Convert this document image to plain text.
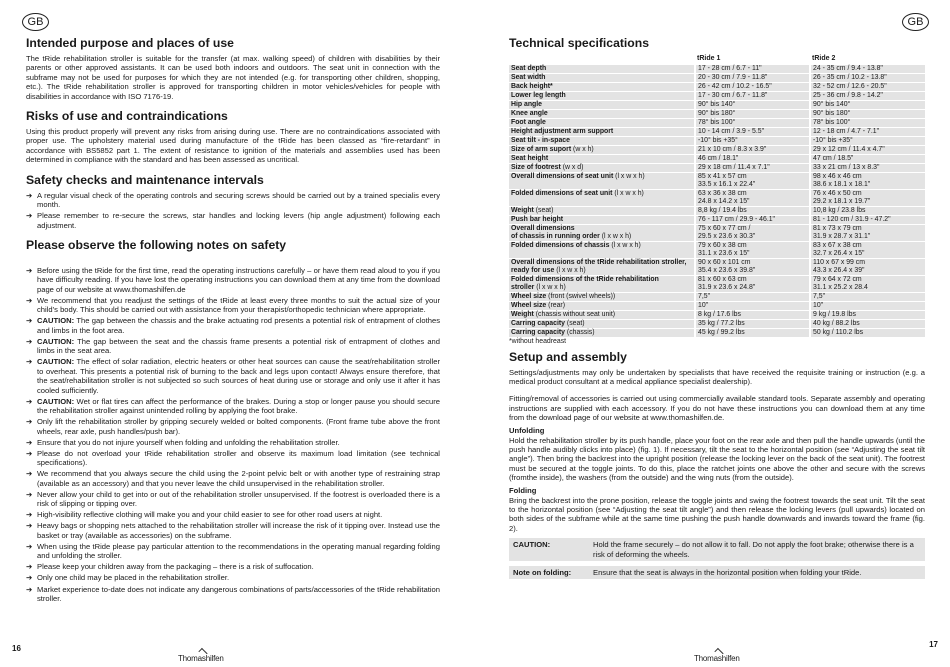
GB
Intended purpose and places of use

The tRide rehabilitation stroller is suitable for the transfer (at max. walking speed) of children with disabilities by their parents or other approved assistants. It can be used both indoors and outdoors. The seat unit in connection with the subframe may not be used for purposes for which they are not intended (e.g. for transporting other children, shopping, etc.). The tRide rehabilitation stroller is approved for transporting children in motor vehicles/vehicles for people with disabilities in accordance with ISO 7176-19.

Risks of use and contraindications

Using this product properly will prevent any risks from arising during use. There are no contraindications associated with proper use. The upholstery material used during manufacture of the tRide has been classed as “fire-retardant” in accordance with BS5852 part 1. The extent of resistance to ignition of the materials and assemblies used has been determined in compliance with the standard and has been assessed as uncritical.

Safety checks and maintenance intervals
➔ A regular visual check of the operating controls and securing screws should be carried out by a trained specialis every month.
➔ Please remember to re-secure the screws, star handles and locking levers (hip angle adjustment) following each adjustment.
Please observe the following notes on safety
➔ Before using the tRide for the first time, read the operating instructions carefully – or have them read aloud to you if you have difficulty reading. If you have lost the operating instructions you can download them at any time from the download page of our website at www.thomashilfen.de
➔ We recommend that you readjust the settings of the tRide at least every three months to suit the actual size of your child’s body. This should be carried out with assistance from your therapist/orthopedic technician where appropriate.
➔ CAUTION: The gap between the chassis and the brake actuating rod presents a potential risk of entrapment of clothes and limbs in the foot area.
➔ CAUTION: The gap between the seat and the chassis frame presents a potential risk of entrapment of clothes and limbs in the seat area.
➔ CAUTION: The effect of solar radiation, electric heaters or other heat sources can cause the seat/rehabilitation stroller to overheat. This presents a potential risk of burning to the back and legs upon contact! Always ensure therefore, that the seat/rehabilitation stroller is not subjected so such sources of heat during use or storage and only use it after it has cooled sufficiently.
➔ CAUTION: Wet or flat tires can affect the performance of the brakes. During a stop or longer pause you should secure the rehabilitation stroller against unintended rolling by applying the foot brake.
➔ Only lift the rehabilitation stroller by gripping securely welded or bolted components. (Front frame tube above the front wheels, rear axle, push handles/push bar).
➔ Ensure that you do not injure yourself when folding and unfolding the rehabilitation stroller.
➔ Please do not overload your tRide rehabilitation stroller and observe its maximum load limitation (see technical specifications).
➔ We recommend that you always secure the child using the 2-point pelvic belt or with another type of restraining strap (available as an accessory) and that you never leave the child unsupervised in the rehabilitation stroller.
➔ Never allow your child to get into or out of the rehabilitation stroller unsupervised. If the footrest is overloaded there is a risk of slipping or tipping over.
➔ High-visibility reflective clothing will make you and your child easier to see for other road users at night.
➔ Heavy bags or shopping nets attached to the rehabilitation stroller will increase the risk of it tipping over. Instead use the basket or tray (available as accessories) on the subframe.
➔ When using the tRide please pay particular attention to the recommendations in the operating manual regarding folding and unfolding the stroller.
➔ Please keep your children away from the packaging – there is a risk of suffocation.
➔ Only one child may be placed in the rehabilitation stroller.
➔ Market experience to-date does not indicate any dangerous combinations of parts/accessories of the tRide rehabilitation stroller.
16
Thomashilfen
GB
Technical specifications
	tRide 1	tRide 2
Seat depth	17 - 28 cm / 6.7 - 11"	24 - 35 cm / 9.4 - 13.8"
Seat width	20 - 30 cm / 7.9 - 11.8"	26 - 35 cm / 10.2 - 13.8"
Back height*	26 - 42 cm / 10.2 - 16.5"	32 - 52 cm / 12.6 - 20.5"
Lower leg length	17 - 30 cm / 6.7 - 11.8"	25 - 36 cm / 9.8 - 14.2"
Hip angle	90° bis 140°	90° bis 140°
Knee angle	90° bis 180°	90° bis 180°
Foot angle	78° bis 100°	78° bis 100°
Height adjustment arm support	10 - 14 cm / 3.9 - 5.5"	12 - 18 cm / 4.7 - 7.1"
Seat tilt - in-space	-10° bis +35°	-10° bis +35°
Size of arm suport (w x h)	21 x 10 cm / 8.3 x 3.9"	29 x 12 cm / 11.4 x 4.7"
Seat height	46 cm / 18.1"	47 cm / 18.5"
Size of footrest (w x d)	29 x 18 cm / 11.4 x 7.1"	33 x 21 cm / 13 x 8.3"
Overall dimensions of seat unit (l x w x h)	85 x 41 x 57 cm
33.5 x 16.1 x 22.4"	98 x 46 x 46 cm
38.6 x 18.1 x 18.1"
Folded dimensions of seat unit (l x w x h)	63 x 36 x 38 cm
24.8 x 14.2 x 15"	76 x 46 x 50 cm
29.2 x 18.1 x 19.7"
Weight (seat)	8,8 kg / 19.4 lbs	10,8 kg / 23.8 lbs
Push bar height	76 - 117 cm / 29.9 - 46.1"	81 - 120 cm / 31.9 - 47.2"
Overall dimensions
of chassis in running order (l x w x h)	75 x 60 x 77 cm /
29.5 x 23.6 x 30.3"	81 x 73 x 79 cm
31.9 x 28.7 x 31.1"
Folded dimensions of chassis (l x w x h)	79 x 60 x 38 cm
31.1 x 23.6 x 15"	83 x 67 x 38 cm
32.7 x 26.4 x 15"
Overall dimensions of the tRide rehabilitation stroller,
ready for use (l x w x h)	90 x 60 x 101 cm
35.4 x 23.6 x 39.8"	110 x 67 x 99 cm
43.3 x 26.4 x 39"
Folded dimensions of the tRide rehabilitation
stroller (l x w x h)	81 x 60 x 63 cm
31.9 x 23.6 x 24.8"	79 x 64 x 72 cm
31.1 x 25.2 x 28.4
Wheel size (front (swivel wheels))	7,5"	7,5"
Wheel size (rear)	10"	10"
Weight (chassis without seat unit)	8 kg / 17.6 lbs	9 kg / 19.8 lbs
Carring capacity (seat)	35 kg / 77.2 lbs	40 kg / 88.2 lbs
Carring capacity (chassis)	45 kg / 99.2 lbs	50 kg / 110.2 lbs
*without headreast
Setup and assembly

Settings/adjustments may only be undertaken by specialists that have received the requisite training or instruction (e.g. a medical product consultant at a medical appliance specialist dealership).

Fitting/removal of accessories is carried out using commercially available standard tools. Separate assembly and operating instructions are supplied with each accessory. If you do not have these instructions you can download them at any time from the download page of our website at www.thomashilfen.de.

Unfolding

Hold the rehabilitation stroller by its push handle, place your foot on the rear axle and then pull the handle upwards (until the push handle audibly clicks into place) (fig. 1). If necessary, tilt the seat to the horizontal position (see “Adjusting the seat tilt angle”). Then bring the backrest into the upright position (release the locking lever on the back of the seat unit). The footrest must be secured at the toggle joints. To do this, place the ratchet joints one above the other and secure with the screws (fromthe inside), the washers (from the outside) and the wing nuts (from the outside).

Folding

Bring the backrest into the prone position, release the toggle joints and swing the footrest towards the seat unit. Tilt the seat to the horizontal position (see “Adjusting the seat tilt angle”) and then release the locking levers (pull upwards) located on both sides of the subframe while at the same time pushing the push handle downwards and inwards toward the frame (fig. 2).

CAUTION:	Hold the frame securely – do not allow it to fall. Do not apply the foot brake; otherwise there is a risk of deforming the wheels.
Note on folding:	Ensure that the seat is always in the horizontal position when folding your tRide.
17
Thomashilfen
